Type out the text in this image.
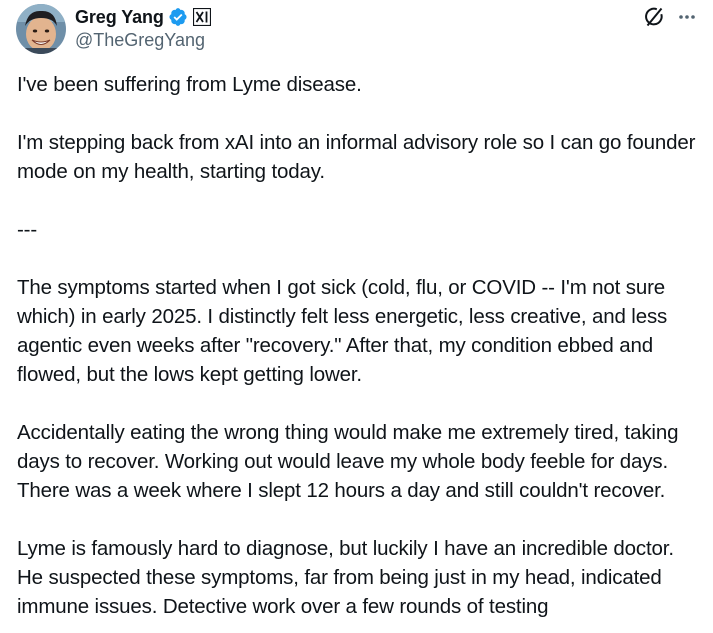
Greg Yang
@TheGregYang

I've been suffering from Lyme disease.

I'm stepping back from xAI into an informal advisory role so I can go founder mode on my health, starting today.

---

The symptoms started when I got sick (cold, flu, or COVID -- I'm not sure which) in early 2025. I distinctly felt less energetic, less creative, and less agentic even weeks after "recovery." After that, my condition ebbed and flowed, but the lows kept getting lower.

Accidentally eating the wrong thing would make me extremely tired, taking days to recover. Working out would leave my whole body feeble for days. There was a week where I slept 12 hours a day and still couldn't recover.

Lyme is famously hard to diagnose, but luckily I have an incredible doctor. He suspected these symptoms, far from being just in my head, indicated immune issues. Detective work over a few rounds of testing
